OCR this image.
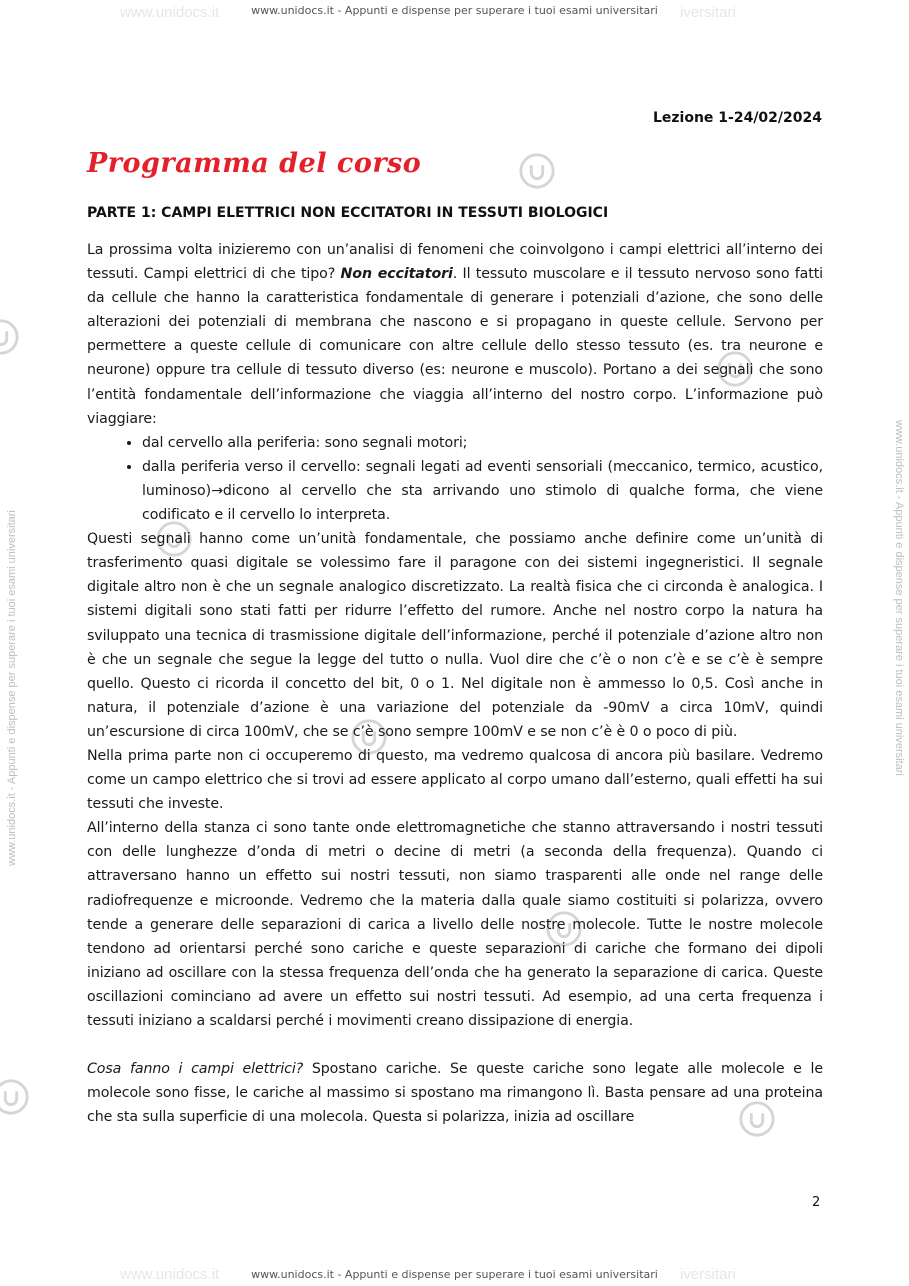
www.unidocs.it	iversitari
www.unidocs.it - Appunti e dispense per superare i tuoi esami universitari
www.unidocs.it - Appunti e dispense per superare i tuoi esami universitari	www.unidocs.it - Appunti e dispense per superare i tuoi esami universitari
Lezione 1-24/02/2024
Programma del corso
PARTE 1: CAMPI ELETTRICI NON ECCITATORI IN TESSUTI BIOLOGICI

La prossima volta inizieremo con un’analisi di fenomeni che coinvolgono i campi elettrici all’interno dei tessuti. Campi elettrici di che tipo? Non eccitatori. Il tessuto muscolare e il tessuto nervoso sono fatti da cellule che hanno la caratteristica fondamentale di generare i potenziali d’azione, che sono delle alterazioni dei potenziali di membrana che nascono e si propagano in queste cellule. Servono per permettere a queste cellule di comunicare con altre cellule dello stesso tessuto (es. tra neurone e neurone) oppure tra cellule di tessuto diverso (es: neurone e muscolo). Portano a dei segnali che sono l’entità fondamentale dell’informazione che viaggia all’interno del nostro corpo. L’informazione può viaggiare:

• dal cervello alla periferia: sono segnali motori;
• dalla periferia verso il cervello: segnali legati ad eventi sensoriali (meccanico, termico, acustico, luminoso)→dicono al cervello che sta arrivando uno stimolo di qualche forma, che viene codificato e il cervello lo interpreta.

Questi segnali hanno come un’unità fondamentale, che possiamo anche definire come un’unità di trasferimento quasi digitale se volessimo fare il paragone con dei sistemi ingegneristici. Il segnale digitale altro non è che un segnale analogico discretizzato. La realtà fisica che ci circonda è analogica. I sistemi digitali sono stati fatti per ridurre l’effetto del rumore. Anche nel nostro corpo la natura ha sviluppato una tecnica di trasmissione digitale dell’informazione, perché il potenziale d’azione altro non è che un segnale che segue la legge del tutto o nulla. Vuol dire che c’è o non c’è e se c’è è sempre quello. Questo ci ricorda il concetto del bit, 0 o 1. Nel digitale non è ammesso lo 0,5. Così anche in natura, il potenziale d’azione è una variazione del potenziale da -90mV a circa 10mV, quindi un’escursione di circa 100mV, che se c’è sono sempre 100mV e se non c’è è 0 o poco di più.

Nella prima parte non ci occuperemo di questo, ma vedremo qualcosa di ancora più basilare. Vedremo come un campo elettrico che si trovi ad essere applicato al corpo umano dall’esterno, quali effetti ha sui tessuti che investe.

All’interno della stanza ci sono tante onde elettromagnetiche che stanno attraversando i nostri tessuti con delle lunghezze d’onda di metri o decine di metri (a seconda della frequenza). Quando ci attraversano hanno un effetto sui nostri tessuti, non siamo trasparenti alle onde nel range delle radiofrequenze e microonde. Vedremo che la materia dalla quale siamo costituiti si polarizza, ovvero tende a generare delle separazioni di carica a livello delle nostre molecole. Tutte le nostre molecole tendono ad orientarsi perché sono cariche e queste separazioni di cariche che formano dei dipoli iniziano ad oscillare con la stessa frequenza dell’onda che ha generato la separazione di carica. Queste oscillazioni cominciano ad avere un effetto sui nostri tessuti. Ad esempio, ad una certa frequenza i tessuti iniziano a scaldarsi perché i movimenti creano dissipazione di energia.

Cosa fanno i campi elettrici? Spostano cariche. Se queste cariche sono legate alle molecole e le molecole sono fisse, le cariche al massimo si spostano ma rimangono lì. Basta pensare ad una proteina che sta sulla superficie di una molecola. Questa si polarizza, inizia ad oscillare

2
www.unidocs.it	iversitari
www.unidocs.it - Appunti e dispense per superare i tuoi esami universitari
